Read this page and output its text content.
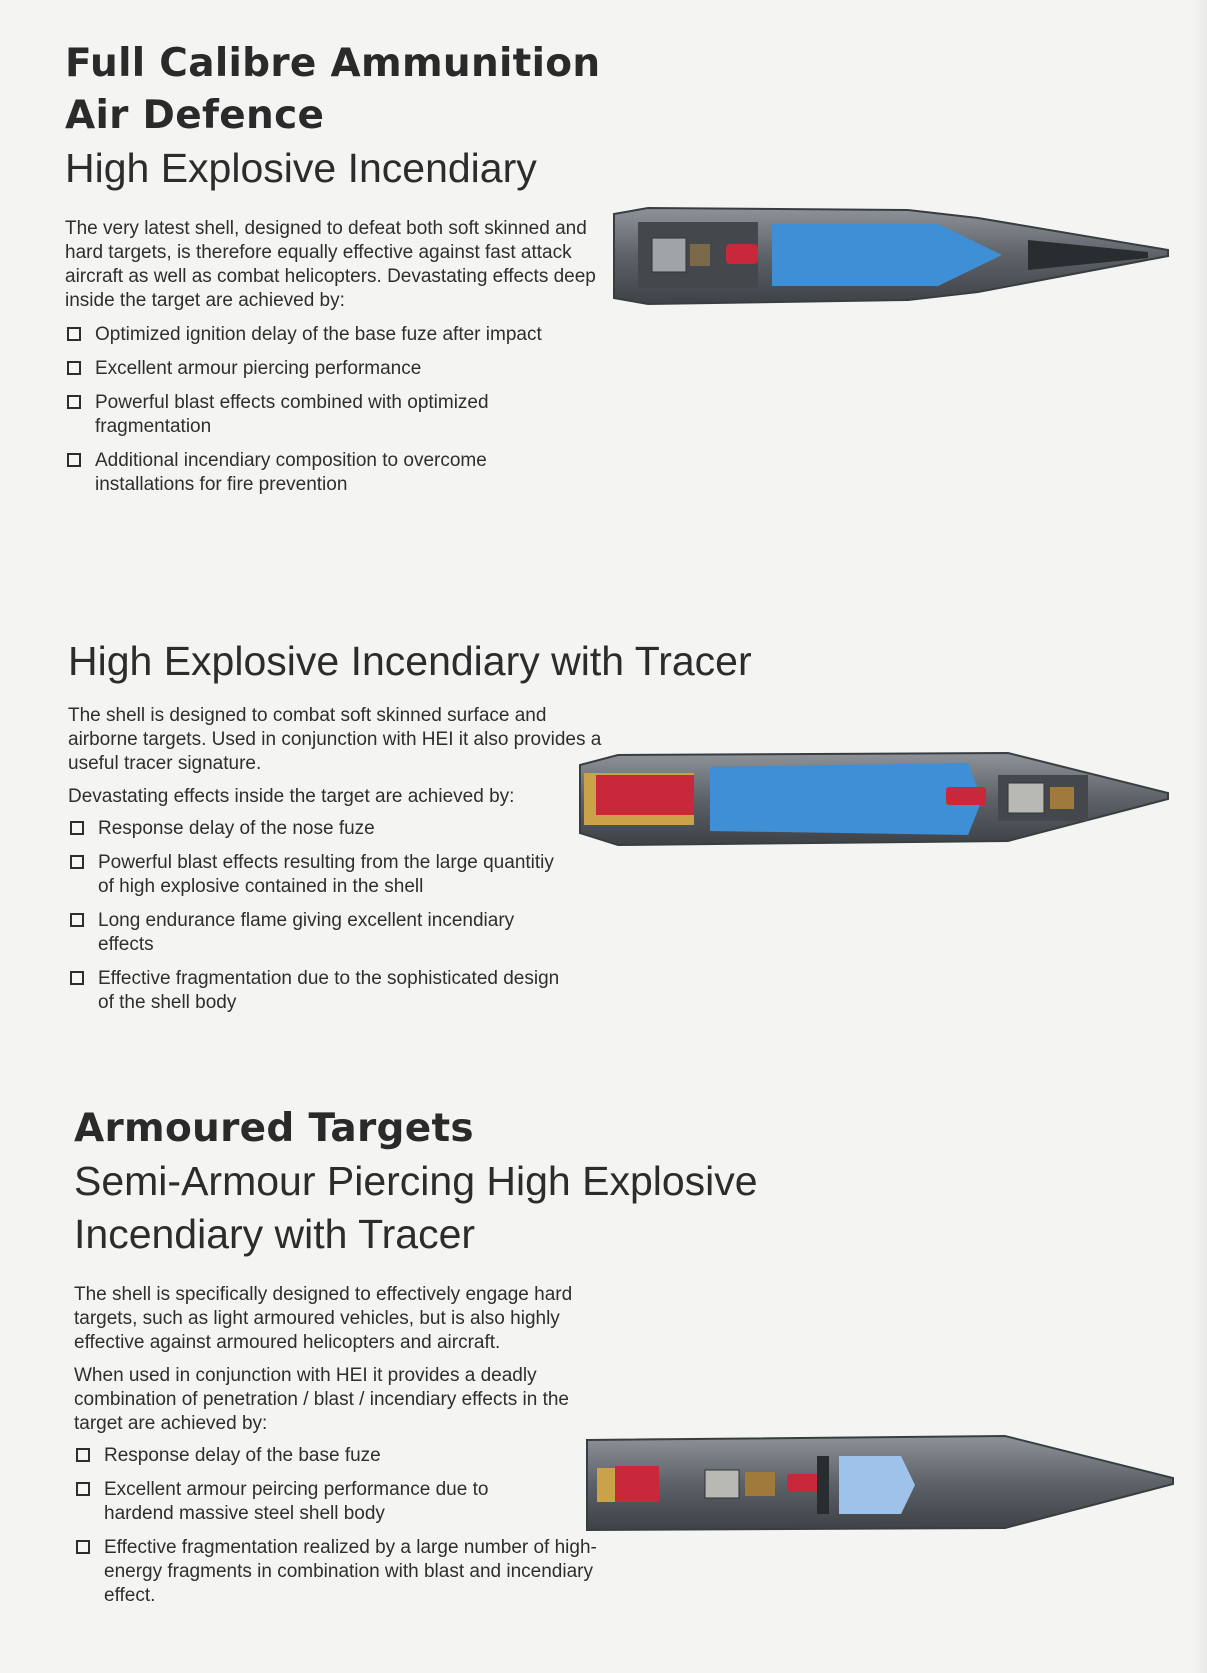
Full Calibre Ammunition
Air Defence
High Explosive Incendiary

The very latest shell, designed to defeat both soft skinned and hard targets, is therefore equally effective against fast attack aircraft as well as combat helicopters. Devastating effects deep inside the target are achieved by:

Optimized ignition delay of the base fuze after impact
Excellent armour piercing performance
Powerful blast effects combined with optimized fragmentation
Additional incendiary composition to overcome installations for fire prevention
High Explosive Incendiary with Tracer

The shell is designed to combat soft skinned surface and airborne targets. Used in conjunction with HEI it also provides a useful tracer signature.

Devastating effects inside the target are achieved by:

Response delay of the nose fuze
Powerful blast effects resulting from the large quantitiy of high explosive contained in the shell
Long endurance flame giving excellent incendiary effects
Effective fragmentation due to the sophisticated design of the shell body
Armoured Targets
Semi-Armour Piercing High Explosive
Incendiary with Tracer

The shell is specifically designed to effectively engage hard targets, such as light armoured vehicles, but is also highly effective against armoured helicopters and aircraft.

When used in conjunction with HEI it provides a deadly combination of penetration / blast / incendiary effects in the target are achieved by:

Response delay of the base fuze
Excellent armour peircing performance due to hardend massive steel shell body
Effective fragmentation realized by a large number of high-energy fragments in combination with blast and incendiary effect.
